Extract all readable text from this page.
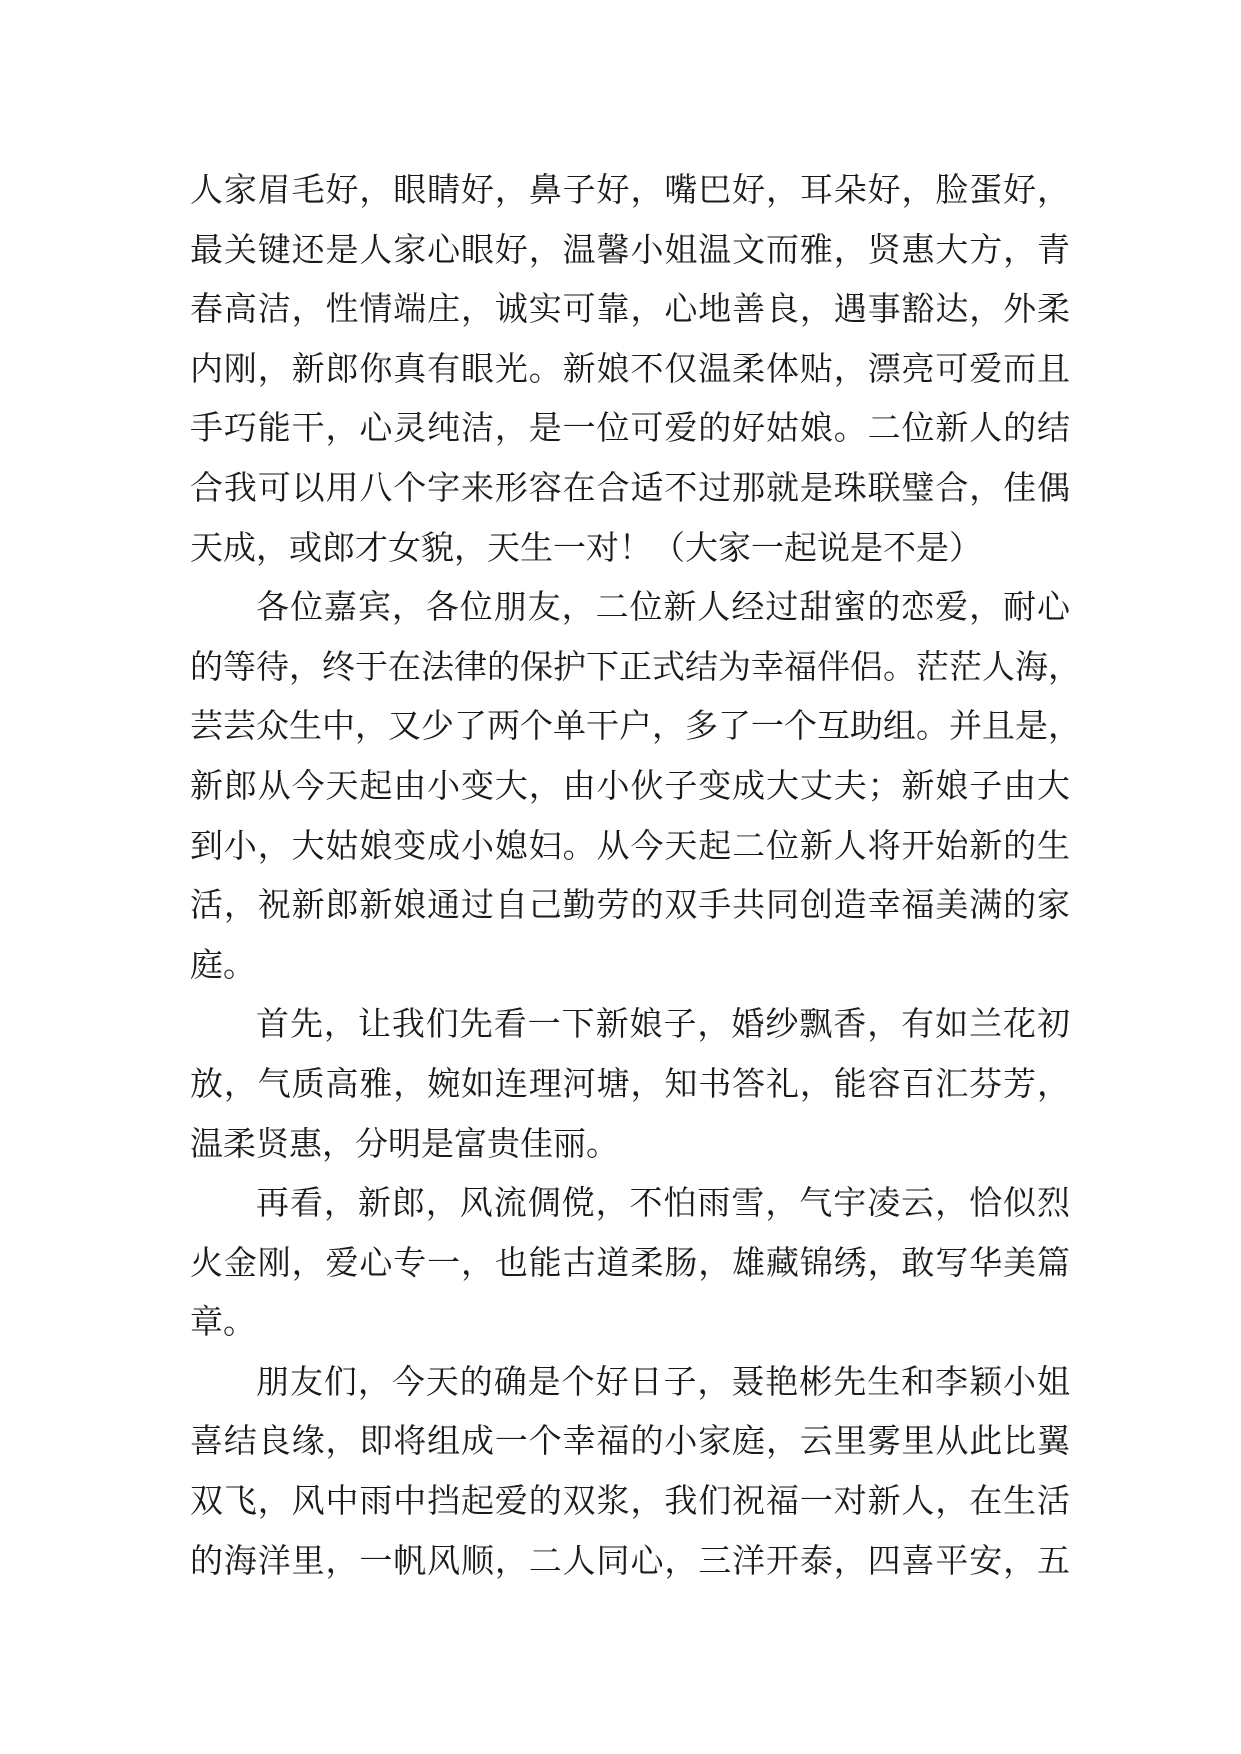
人家眉毛好，眼睛好，鼻子好，嘴巴好，耳朵好，脸蛋好，
最关键还是人家心眼好，温馨小姐温文而雅，贤惠大方，青
春高洁，性情端庄，诚实可靠，心地善良，遇事豁达，外柔
内刚，新郎你真有眼光。新娘不仅温柔体贴，漂亮可爱而且
手巧能干，心灵纯洁，是一位可爱的好姑娘。二位新人的结
合我可以用八个字来形容在合适不过那就是珠联璧合，佳偶
天成，或郎才女貌，天生一对！（大家一起说是不是）
各位嘉宾，各位朋友，二位新人经过甜蜜的恋爱，耐心
的等待，终于在法律的保护下正式结为幸福伴侣。茫茫人海，
芸芸众生中，又少了两个单干户，多了一个互助组。并且是，
新郎从今天起由小变大，由小伙子变成大丈夫；新娘子由大
到小，大姑娘变成小媳妇。从今天起二位新人将开始新的生
活，祝新郎新娘通过自己勤劳的双手共同创造幸福美满的家
庭。
首先，让我们先看一下新娘子，婚纱飘香，有如兰花初
放，气质高雅，婉如连理河塘，知书答礼，能容百汇芬芳，
温柔贤惠，分明是富贵佳丽。
再看，新郎，风流倜傥，不怕雨雪，气宇凌云，恰似烈
火金刚，爱心专一，也能古道柔肠，雄藏锦绣，敢写华美篇
章。
朋友们，今天的确是个好日子，聂艳彬先生和李颖小姐
喜结良缘，即将组成一个幸福的小家庭，云里雾里从此比翼
双飞，风中雨中挡起爱的双浆，我们祝福一对新人，在生活
的海洋里，一帆风顺，二人同心，三洋开泰，四喜平安，五
